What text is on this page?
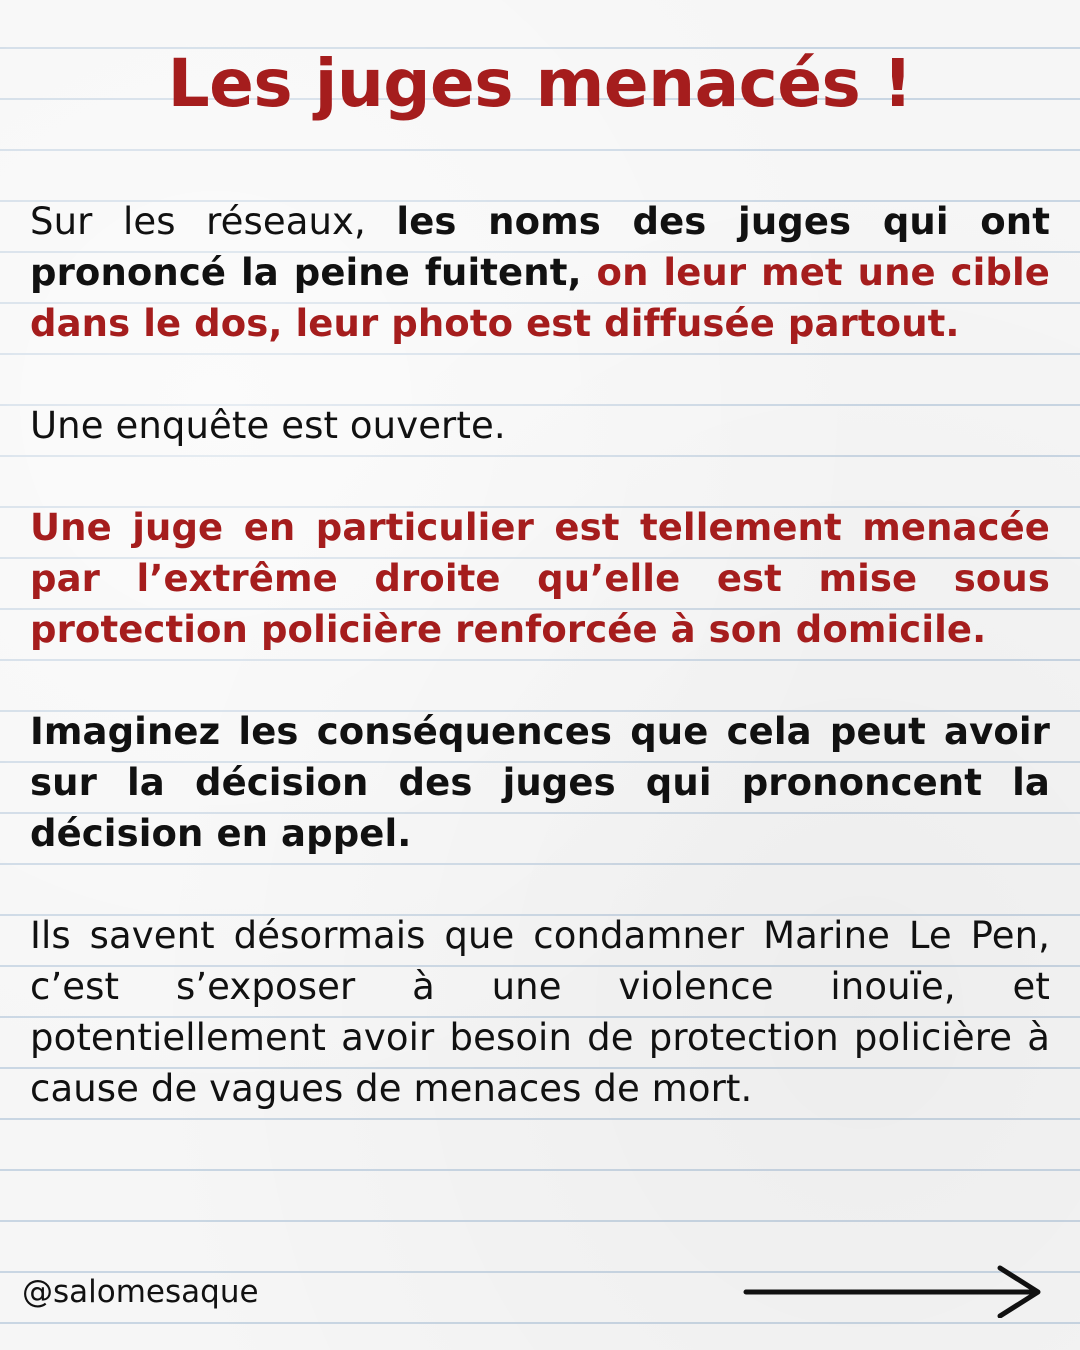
Les juges menacés !

Sur les réseaux, les noms des juges qui ont prononcé la peine fuitent, on leur met une cible dans le dos, leur photo est diffusée partout.

Une enquête est ouverte.

Une juge en particulier est tellement menacée par l’extrême droite qu’elle est mise sous protection policière renforcée à son domicile.

Imaginez les conséquences que cela peut avoir sur la décision des juges qui prononcent la décision en appel.

Ils savent désormais que condamner Marine Le Pen, c’est s’exposer à une violence inouïe, et potentiellement avoir besoin de protection policière à cause de vagues de menaces de mort.

@salomesaque
